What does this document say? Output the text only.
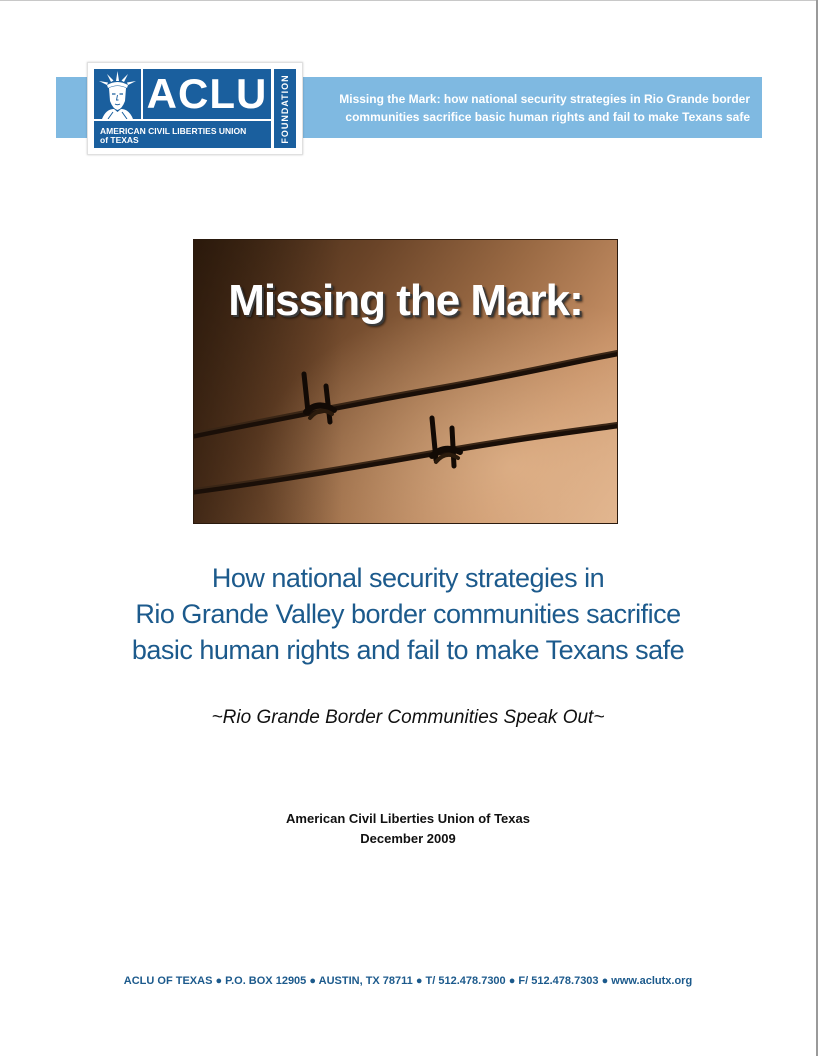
Missing the Mark: how national security strategies in Rio Grande border
communities sacrifice basic human rights and fail to make Texans safe
ACLU
AMERICAN CIVIL LIBERTIES UNION
of TEXAS	FOUNDATION
Missing the Mark:
How national security strategies in
Rio Grande Valley border communities sacrifice
basic human rights and fail to make Texans safe
~Rio Grande Border Communities Speak Out~
American Civil Liberties Union of Texas
December 2009
ACLU OF TEXAS ● P.O. BOX 12905 ● AUSTIN, TX 78711 ● T/ 512.478.7300 ● F/ 512.478.7303 ● www.aclutx.org
